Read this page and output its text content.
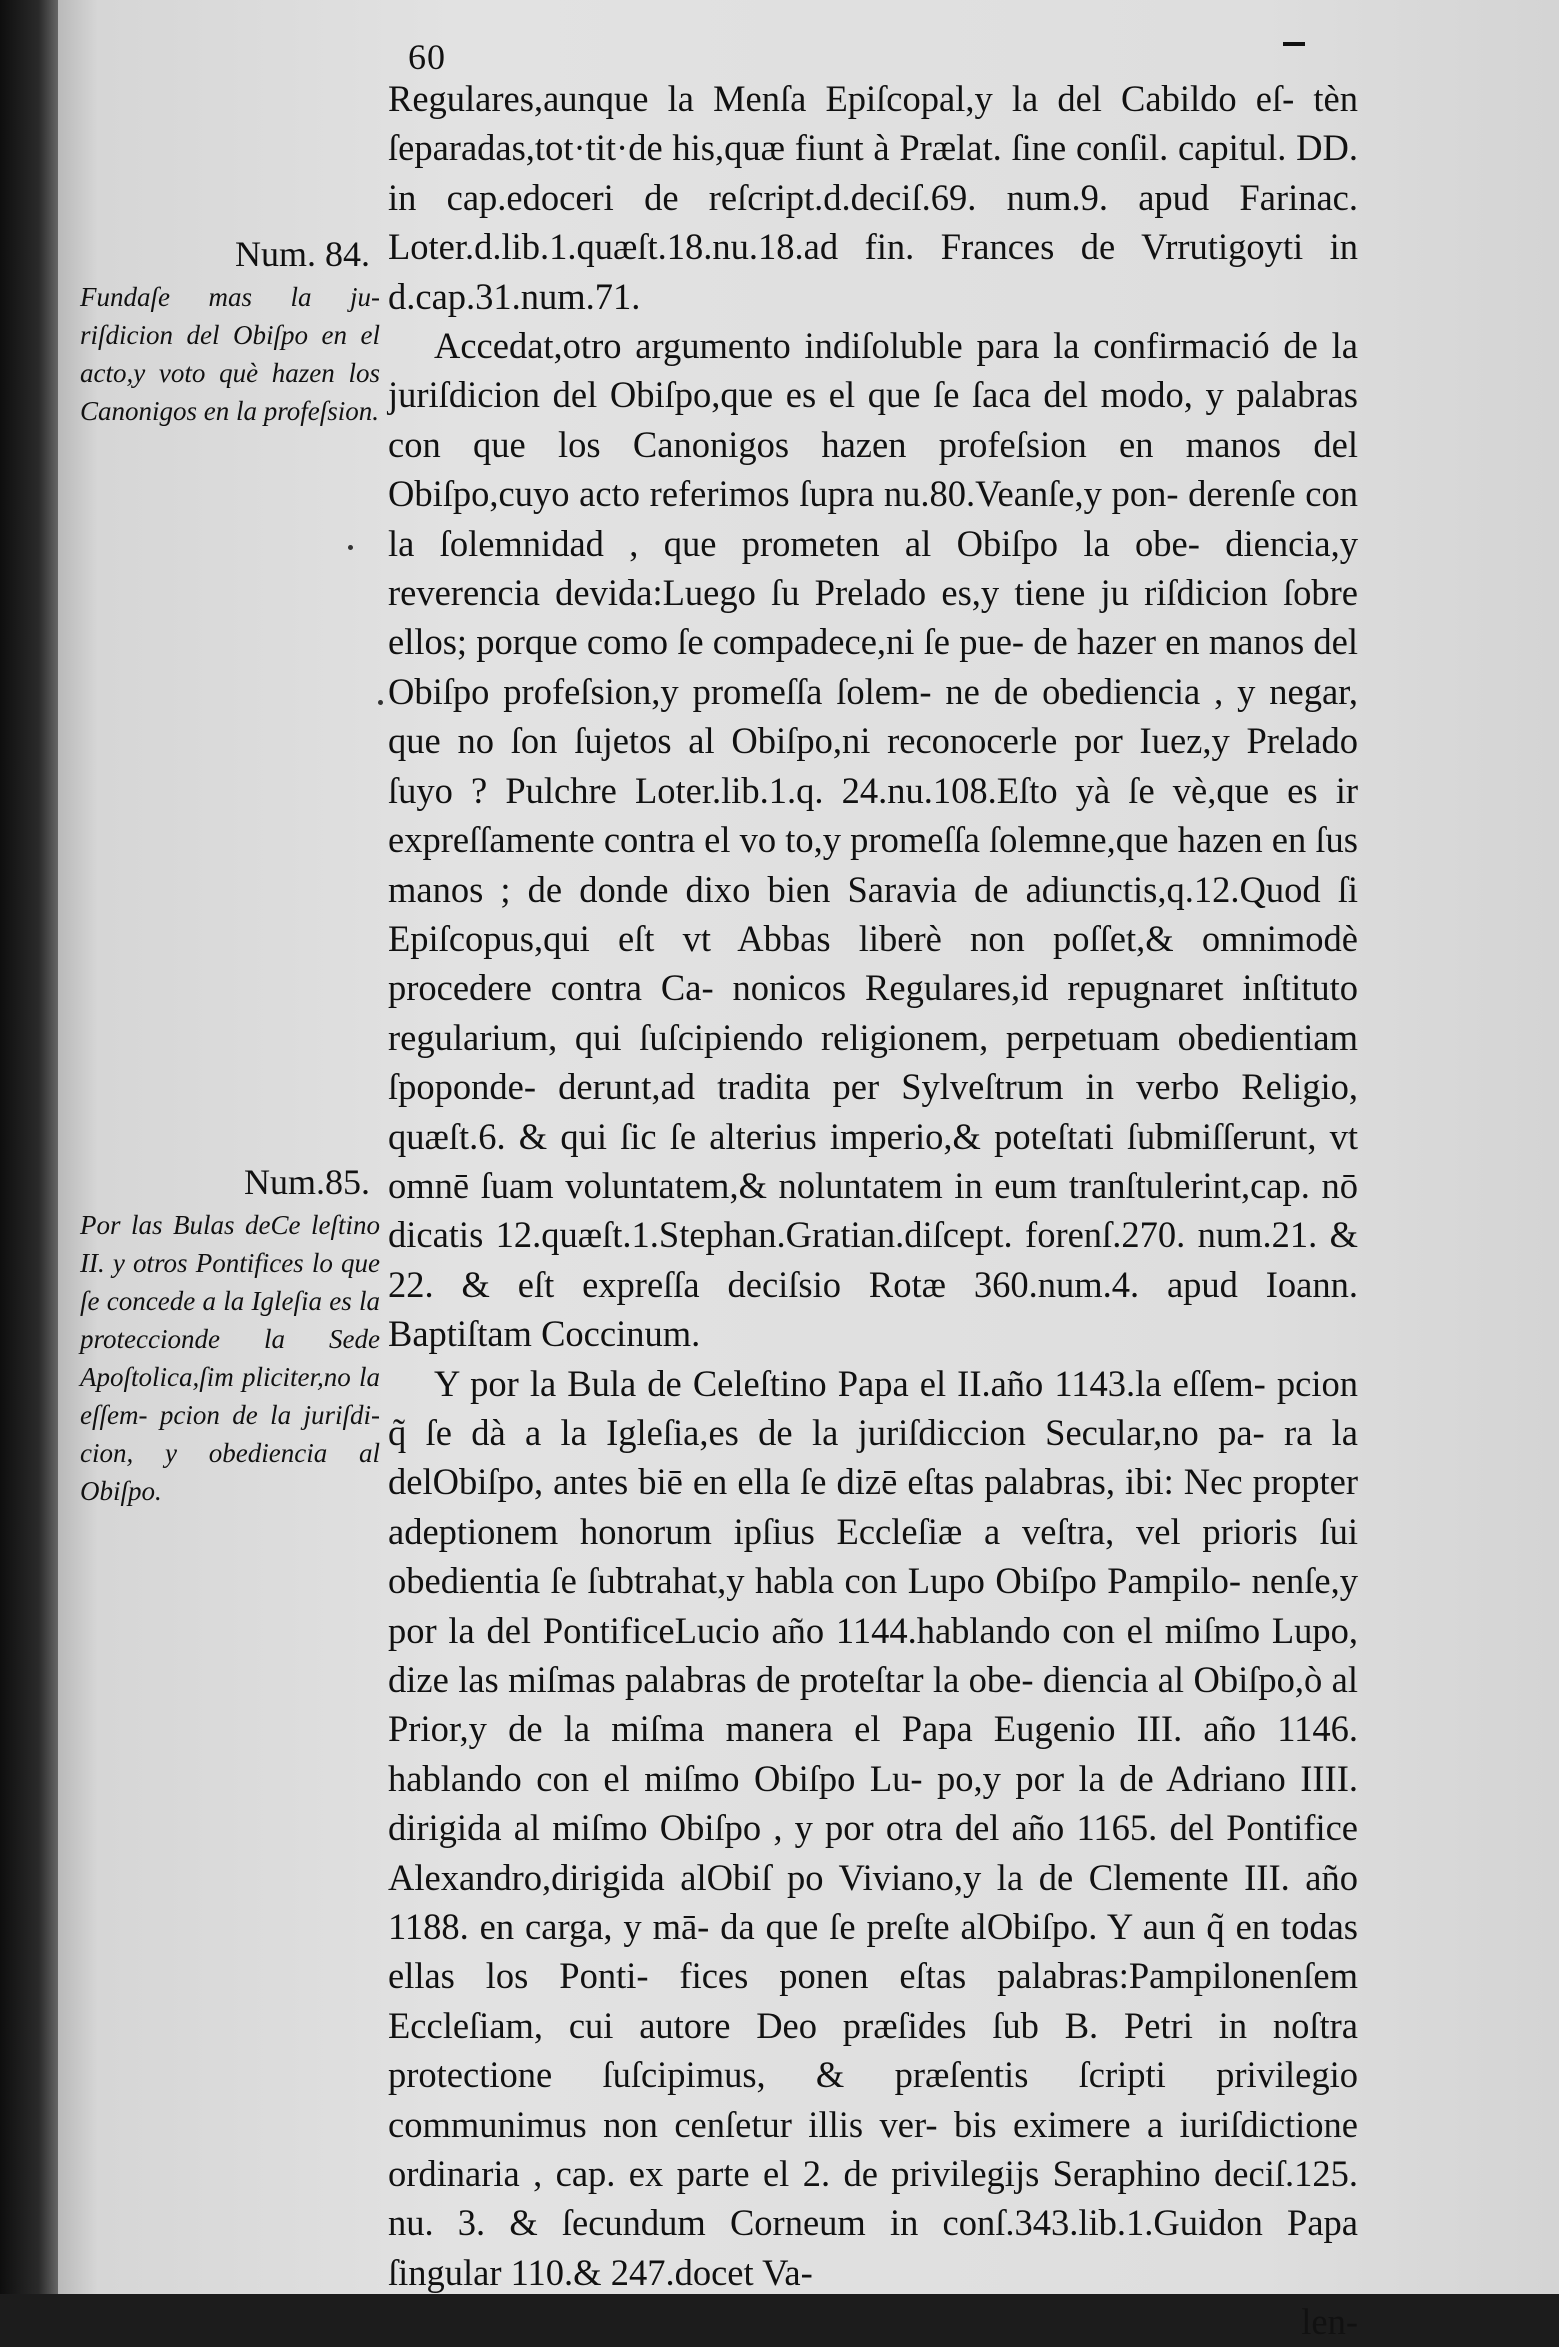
60
Num. 84.
Fundaſe mas la ju- riſdicion del Obiſpo en el acto,y voto què hazen los Canonigos en la profeſsion.
Num.85.
Por las Bulas deCe leſtino II. y otros Pontifices lo que ſe concede a la Igleſia es la proteccionde la Sede Apoſtolica,ſim pliciter,no la eſſem- pcion de la juriſdi- cion, y obediencia al Obiſpo.

Regulares,aunque la Menſa Epiſcopal,y la del Cabildo eſ- tèn ſeparadas,tot·tit·de his,quæ fiunt à Prælat. ſine conſil. capitul. DD. in cap.edoceri de reſcript.d.deciſ.69. num.9. apud Farinac. Loter.d.lib.1.quæſt.18.nu.18.ad fin. Frances de Vrrutigoyti in d.cap.31.num.71.

Accedat,otro argumento indiſoluble para la confirmació de la juriſdicion del Obiſpo,que es el que ſe ſaca del modo, y palabras con que los Canonigos hazen profeſsion en manos del Obiſpo,cuyo acto referimos ſupra nu.80.Veanſe,y pon- derenſe con la ſolemnidad , que prometen al Obiſpo la obe- diencia,y reverencia devida:Luego ſu Prelado es,y tiene ju riſdicion ſobre ellos; porque como ſe compadece,ni ſe pue- de hazer en manos del Obiſpo profeſsion,y promeſſa ſolem- ne de obediencia , y negar, que no ſon ſujetos al Obiſpo,ni reconocerle por Iuez,y Prelado ſuyo ? Pulchre Loter.lib.1.q. 24.nu.108.Eſto yà ſe vè,que es ir expreſſamente contra el vo to,y promeſſa ſolemne,que hazen en ſus manos ; de donde dixo bien Saravia de adiunctis,q.12.Quod ſi Epiſcopus,qui eſt vt Abbas liberè non poſſet,& omnimodè procedere contra Ca- nonicos Regulares,id repugnaret inſtituto regularium, qui ſuſcipiendo religionem, perpetuam obedientiam ſpoponde- derunt,ad tradita per Sylveſtrum in verbo Religio, quæſt.6. & qui ſic ſe alterius imperio,& poteſtati ſubmiſſerunt, vt omnē ſuam voluntatem,& noluntatem in eum tranſtulerint,cap. nō dicatis 12.quæſt.1.Stephan.Gratian.diſcept. forenſ.270. num.21. & 22. & eſt expreſſa deciſsio Rotæ 360.num.4. apud Ioann. Baptiſtam Coccinum.

Y por la Bula de Celeſtino Papa el II.año 1143.la eſſem- pcion q̃ ſe dà a la Igleſia,es de la juriſdiccion Secular,no pa- ra la delObiſpo, antes biē en ella ſe dizē eſtas palabras, ibi: Nec propter adeptionem honorum ipſius Eccleſiæ a veſtra, vel prioris ſui obedientia ſe ſubtrahat,y habla con Lupo Obiſpo Pampilo- nenſe,y por la del PontificeLucio año 1144.hablando con el miſmo Lupo, dize las miſmas palabras de proteſtar la obe- diencia al Obiſpo,ò al Prior,y de la miſma manera el Papa Eugenio III. año 1146. hablando con el miſmo Obiſpo Lu- po,y por la de Adriano IIII. dirigida al miſmo Obiſpo , y por otra del año 1165. del Pontifice Alexandro,dirigida alObiſ po Viviano,y la de Clemente III. año 1188. en carga, y mā- da que ſe preſte alObiſpo. Y aun q̃ en todas ellas los Ponti- fices ponen eſtas palabras:Pampilonenſem Eccleſiam, cui autore Deo præſides ſub B. Petri in noſtra protectione ſuſcipimus, & præſentis ſcripti privilegio communimus non cenſetur illis ver- bis eximere a iuriſdictione ordinaria , cap. ex parte el 2. de privilegijs Seraphino deciſ.125. nu. 3. & ſecundum Corneum in conſ.343.lib.1.Guidon Papa ſingular 110.& 247.docet Va-

len-
